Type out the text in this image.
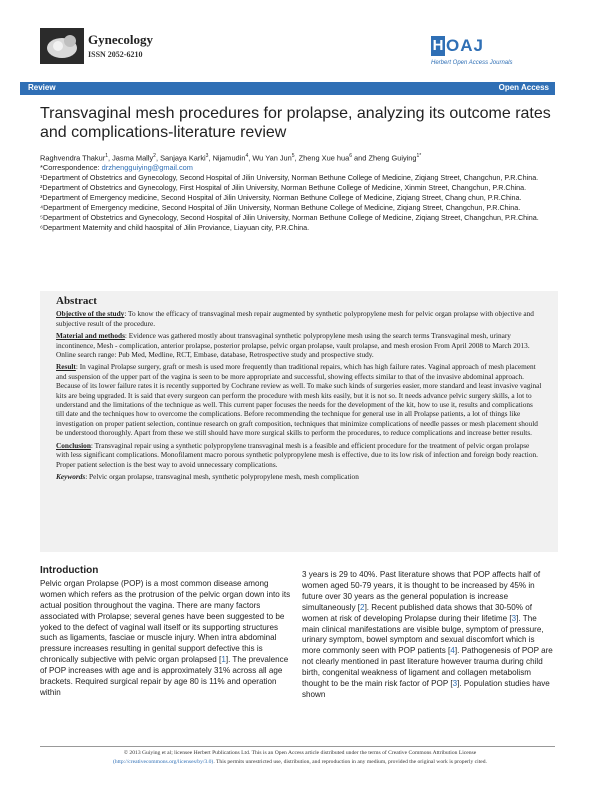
Gynecology
ISSN 2052-6210
H OAJ
Herbert Open Access Journals
Review	Open Access
Transvaginal mesh procedures for prolapse, analyzing its outcome rates and complications-literature review
Raghvendra Thakur$^1$, Jasma Mally$^2$, Sanjaya Karki$^3$, Nijamudin$^4$, Wu Yan Jun$^5$, Zheng Xue hua$^6$ and Zheng Guiying$^{1*}$
*Correspondence: drzhengguiying@gmail.com
¹Department of Obstetrics and Gynecology, Second Hospital of Jilin University, Norman Bethune College of Medicine, Ziqiang Street, Changchun, P.R.China.
²Department of Obstetrics and Gynecology, First Hospital of Jilin University, Norman Bethune College of Medicine, Xinmin Street, Changchun, P.R.China.
³Department of Emergency medicine, Second Hospital of Jilin University, Norman Bethune College of Medicine, Ziqiang Street, Chang chun, P.R.China.
⁴Department of Emergency medicine, Second Hospital of Jilin University, Norman Bethune College of Medicine, Ziqiang Street, Changchun, P.R.China.
⁵Department of Obstetrics and Gynecology, Second Hospital of Jilin University, Norman Bethune College of Medicine, Ziqiang Street, Changchun, P.R.China.
⁶Department Maternity and child haospital of Jilin Proviance, Liayuan city, P.R.China.
Abstract

Objective of the study: To know the efficacy of transvaginal mesh repair augmented by synthetic polypropylene mesh for pelvic organ prolapse with objective and subjective result of the procedure.

Material and methods: Evidence was gathered mostly about transvaginal synthetic polypropylene mesh using the search terms Transvaginal mesh, urinary incontinence, Mesh - complication, anterior prolapse, posterior prolapse, pelvic organ prolapse, vault prolapse, and mesh erosion From April 2008 to March 2013. Online search range: Pub Med, Medline, RCT, Embase, database, Retrospective study and prospective study.

Result: In vaginal Prolapse surgery, graft or mesh is used more frequently than traditional repairs, which has high failure rates. Vaginal approach of mesh placement and suspension of the upper part of the vagina is seen to be more appropriate and successful, showing effects similar to that of the invasive abdominal approach. Because of its lower failure rates it is recently supported by Cochrane review as well. To make such kinds of surgeries easier, more standard and least invasive vaginal kits are being upgraded. It is said that every surgeon can perform the procedure with mesh kits easily, but it is not so. It needs advance pelvic surgery skills, a lot to understand and the limitations of the technique as well. This current paper focuses the needs for the development of the kit, how to use it, results and complications till date and the techniques how to overcome the complications. Before recommending the technique for general use in all Prolapse patients, a lot of things like investigation on proper patient selection, continue research on graft composition, techniques that minimize complications of needle passes or mesh placement should be understood thoroughly. Apart from these we still should have more surgical skills to perform the procedures, to reduce complications and increase better results.

Conclusion: Transvaginal repair using a synthetic polypropylene transvaginal mesh is a feasible and efficient procedure for the treatment of pelvic organ prolapse with less significant complications. Monofilament macro porous synthetic polypropylene mesh is effective, due to its low risk of infection and foreign body reaction. Proper patient selection is the best way to avoid unnecessary complications.

Keywords: Pelvic organ prolapse, transvaginal mesh, synthetic polypropylene mesh, mesh complication

Introduction

Pelvic organ Prolapse (POP) is a most common disease among women which refers as the protrusion of the pelvic organ down into its actual position throughout the vagina. There are many factors associated with Prolapse; several genes have been suggested to be yoked to the defect of vaginal wall itself or its supporting structures such as ligaments, fasciae or muscle injury. When intra abdominal pressure increases resulting in genital support defective this is chronically subjective with pelvic organ prolapsed [1]. The prevalence of POP increases with age and is approximately 31% across all age brackets. Required surgical repair by age 80 is 11% and operation within

3 years is 29 to 40%. Past literature shows that POP affects half of women aged 50-79 years, it is thought to be increased by 45% in future over 30 years as the general population is increase simultaneously [2]. Recent published data shows that 30-50% of women at risk of developing Prolapse during their lifetime [3]. The main clinical manifestations are visible bulge, symptom of pressure, urinary symptom, bowel symptom and sexual discomfort which is more commonly seen with POP patients [4]. Pathogenesis of POP are not clearly mentioned in past literature however trauma during child birth, congenital weakness of ligament and collagen metabolism thought to be the main risk factor of POP [3]. Population studies have shown

© 2013 Guiying et al; licensee Herbert Publications Ltd. This is an Open Access article distributed under the terms of Creative Commons Attribution License
(http://creativecommons.org/licenses/by/3.0). This permits unrestricted use, distribution, and reproduction in any medium, provided the original work is properly cited.
